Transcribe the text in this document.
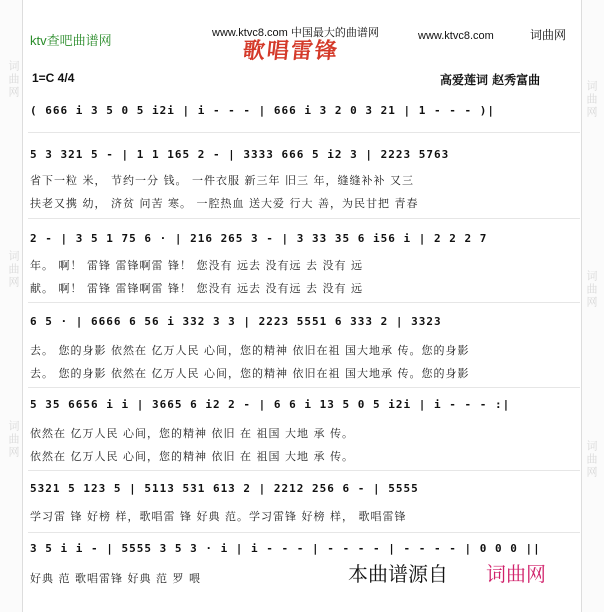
词曲网
词曲网
词曲网
词曲网
词曲网
词曲网
ktv查吧曲谱网	www.ktvc8.com 中国最大的曲谱网	www.ktvc8.com	词曲网
歌唱雷锋
1=C 4/4	高爱莲词 赵秀富曲
( 666 i 3 5 0 5 i2i | i - - - | 666 i 3 2 0 3 21 | 1 - - - )|
5 3 321 5 - | 1 1 165 2 - | 3333 666 5 i2 3 | 2223 5763
省下一粒 米， 节约一分 钱。 一件衣服 新三年 旧三 年，缝缝补补 又三
扶老又携 幼， 济贫 问苦 寒。 一腔热血 送大爱 行大 善，为民甘把 青春
2 - | 3 5 1 75 6 · | 216 265 3 - | 3 33 35 6 i56 i | 2 2 2 7
年。 啊！ 雷锋 雷锋啊雷 锋！ 您没有 远去 没有远 去 没有 远
献。 啊！ 雷锋 雷锋啊雷 锋！ 您没有 远去 没有远 去 没有 远
6 5 · | 6666 6 56 i 332 3 3 | 2223 5551 6 333 2 | 3323
去。 您的身影 依然在 亿万人民 心间，您的精神 依旧在祖 国大地承 传。您的身影
去。 您的身影 依然在 亿万人民 心间，您的精神 依旧在祖 国大地承 传。您的身影
5 35 6656 i i | 3665 6 i2 2 - | 6 6 i 13 5 0 5 i2i | i - - - :|
依然在 亿万人民 心间，您的精神 依旧 在 祖国 大地 承 传。
依然在 亿万人民 心间，您的精神 依旧 在 祖国 大地 承 传。
5321 5 123 5 | 5113 531 613 2 | 2212 256 6 - | 5555
学习雷 锋 好榜 样，歌唱雷 锋 好典 范。学习雷锋 好榜 样， 歌唱雷锋
3 5 i i - | 5555 3 5 3 · i | i - - - | - - - - | - - - - | 0 0 0 ||
好典 范 歌唱雷锋 好典 范 罗 喂	本曲谱源自 词曲网
